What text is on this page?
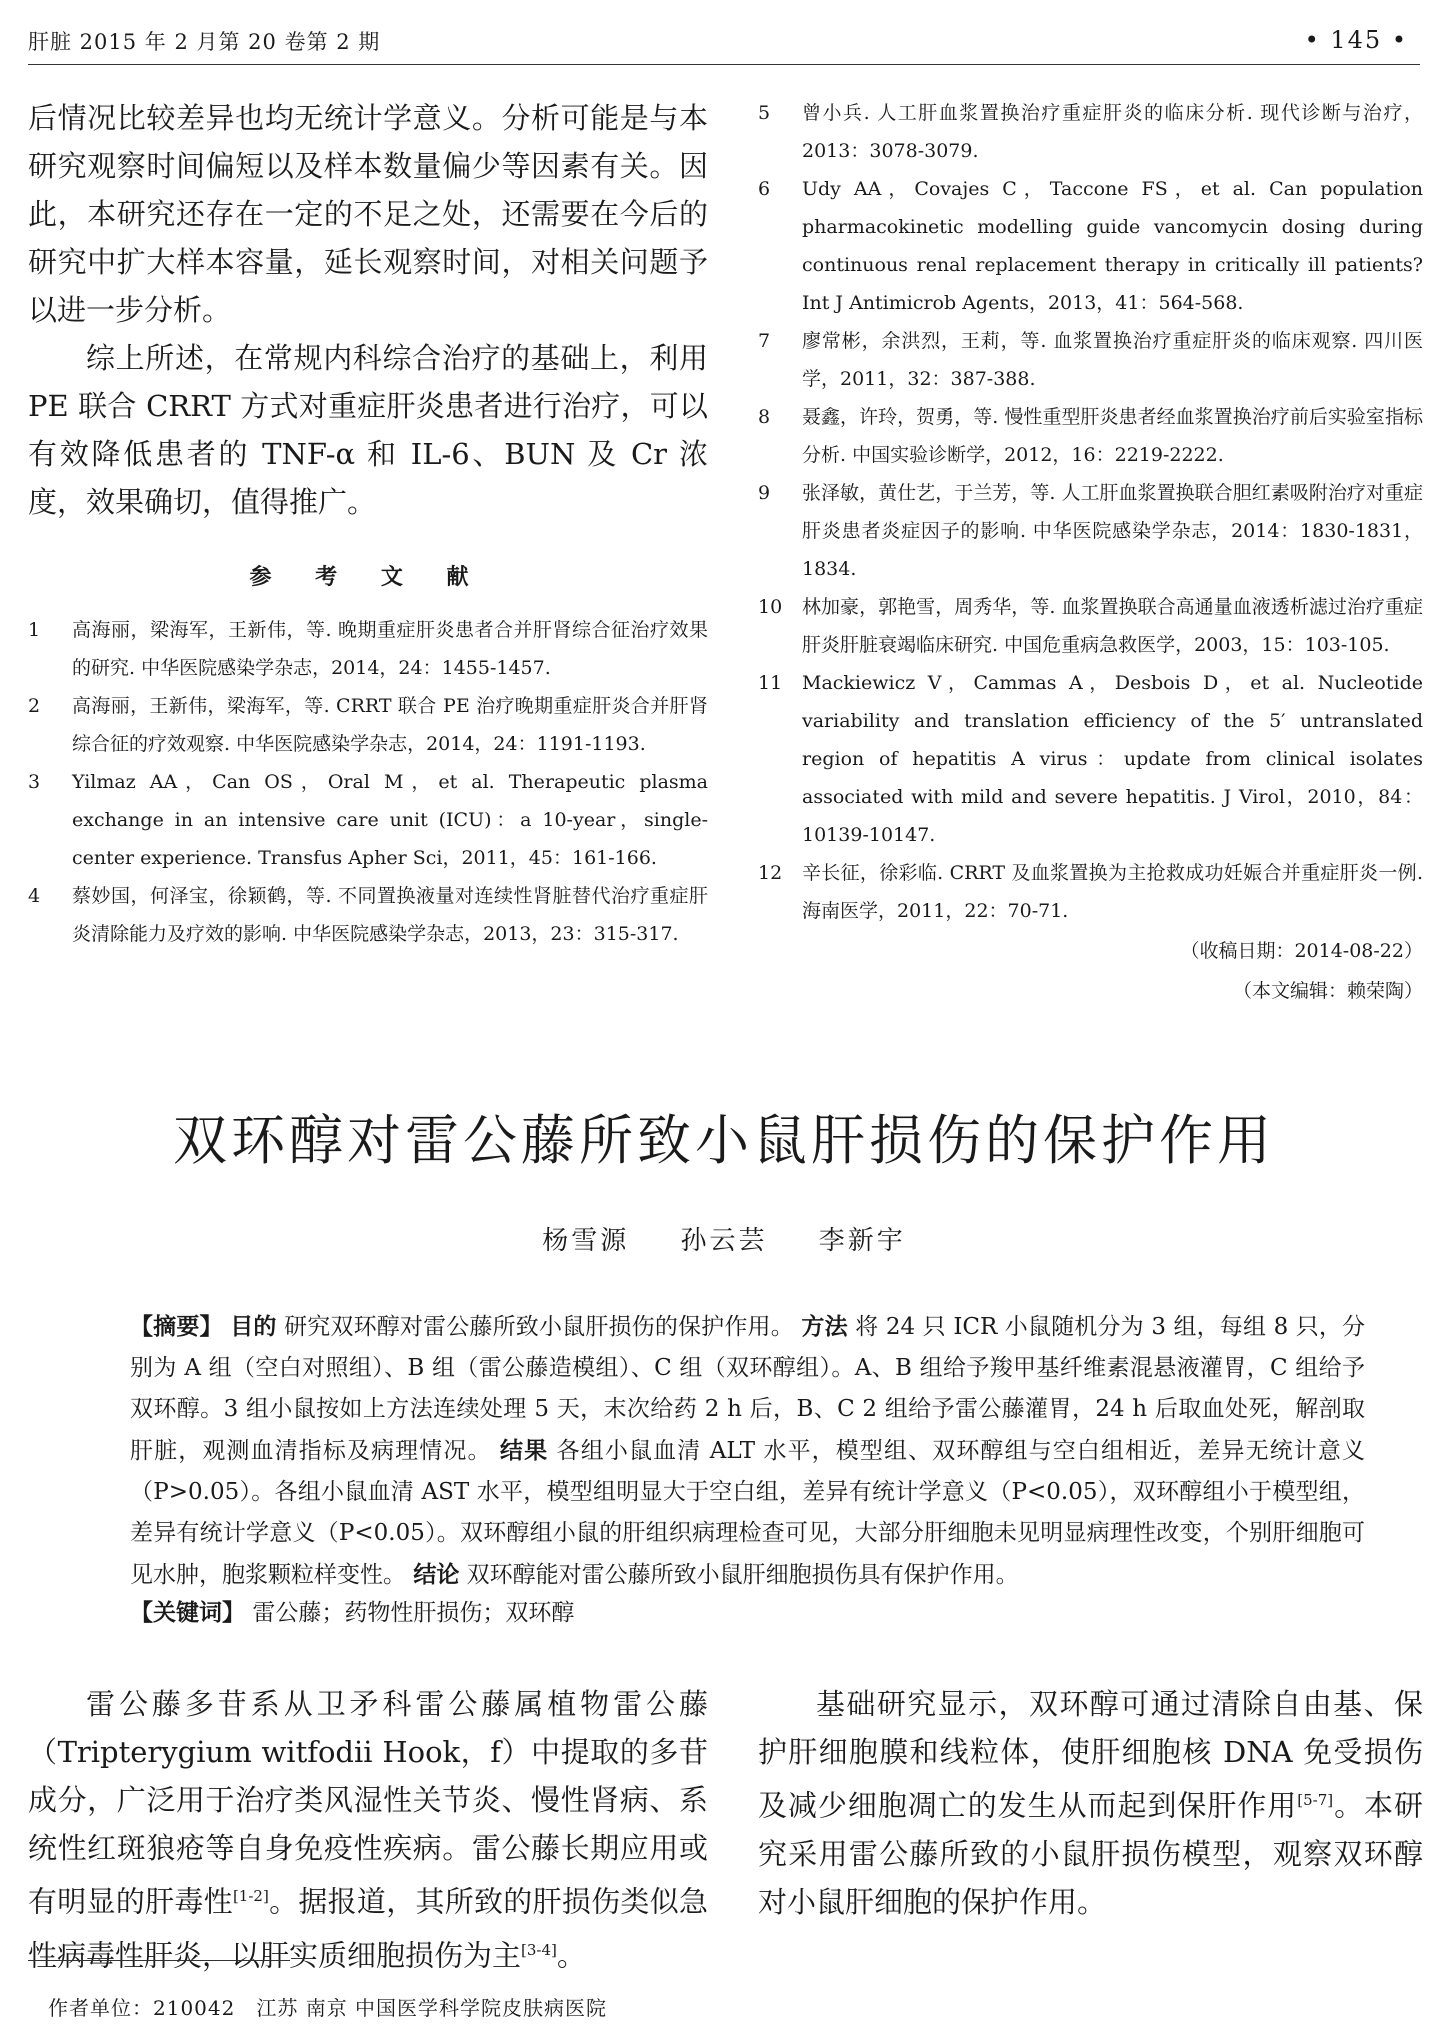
肝脏 2015 年 2 月第 20 卷第 2 期	• 145 •

后情况比较差异也均无统计学意义。分析可能是与本研究观察时间偏短以及样本数量偏少等因素有关。因此，本研究还存在一定的不足之处，还需要在今后的研究中扩大样本容量，延长观察时间，对相关问题予以进一步分析。

综上所述，在常规内科综合治疗的基础上，利用PE 联合 CRRT 方式对重症肝炎患者进行治疗，可以有效降低患者的 TNF-α 和 IL-6、BUN 及 Cr 浓度，效果确切，值得推广。

参 考 文 献
1	高海丽，梁海军，王新伟，等. 晚期重症肝炎患者合并肝肾综合征治疗效果的研究. 中华医院感染学杂志，2014，24：1455-1457.
2	高海丽，王新伟，梁海军，等. CRRT 联合 PE 治疗晚期重症肝炎合并肝肾综合征的疗效观察. 中华医院感染学杂志，2014，24：1191-1193.
3	Yilmaz AA，Can OS，Oral M，et al. Therapeutic plasma exchange in an intensive care unit (ICU)：a 10-year，single-center experience. Transfus Apher Sci，2011，45：161-166.
4	蔡妙国，何泽宝，徐颖鹤，等. 不同置换液量对连续性肾脏替代治疗重症肝炎清除能力及疗效的影响. 中华医院感染学杂志，2013，23：315-317.
5	曾小兵. 人工肝血浆置换治疗重症肝炎的临床分析. 现代诊断与治疗，2013：3078-3079.
6	Udy AA，Covajes C，Taccone FS，et al. Can population pharmacokinetic modelling guide vancomycin dosing during continuous renal replacement therapy in critically ill patients? Int J Antimicrob Agents，2013，41：564-568.
7	廖常彬，余洪烈，王莉，等. 血浆置换治疗重症肝炎的临床观察. 四川医学，2011，32：387-388.
8	聂鑫，许玲，贺勇，等. 慢性重型肝炎患者经血浆置换治疗前后实验室指标分析. 中国实验诊断学，2012，16：2219-2222.
9	张泽敏，黄仕艺，于兰芳，等. 人工肝血浆置换联合胆红素吸附治疗对重症肝炎患者炎症因子的影响. 中华医院感染学杂志，2014：1830-1831，1834.
10	林加豪，郭艳雪，周秀华，等. 血浆置换联合高通量血液透析滤过治疗重症肝炎肝脏衰竭临床研究. 中国危重病急救医学，2003，15：103-105.
11	Mackiewicz V，Cammas A，Desbois D，et al. Nucleotide variability and translation efficiency of the 5′ untranslated region of hepatitis A virus：update from clinical isolates associated with mild and severe hepatitis. J Virol，2010，84：10139-10147.
12	辛长征，徐彩临. CRRT 及血浆置换为主抢救成功妊娠合并重症肝炎一例. 海南医学，2011，22：70-71.
（收稿日期：2014-08-22）
（本文编辑：赖荣陶）
双环醇对雷公藤所致小鼠肝损伤的保护作用
杨雪源 孙云芸 李新宇
【摘要】 目的 研究双环醇对雷公藤所致小鼠肝损伤的保护作用。 方法 将 24 只 ICR 小鼠随机分为 3 组，每组 8 只，分别为 A 组（空白对照组）、B 组（雷公藤造模组）、C 组（双环醇组）。A、B 组给予羧甲基纤维素混悬液灌胃，C 组给予双环醇。3 组小鼠按如上方法连续处理 5 天，末次给药 2 h 后，B、C 2 组给予雷公藤灌胃，24 h 后取血处死，解剖取肝脏，观测血清指标及病理情况。 结果 各组小鼠血清 ALT 水平，模型组、双环醇组与空白组相近，差异无统计意义（P>0.05）。各组小鼠血清 AST 水平，模型组明显大于空白组，差异有统计学意义（P<0.05），双环醇组小于模型组，差异有统计学意义（P<0.05）。双环醇组小鼠的肝组织病理检查可见，大部分肝细胞未见明显病理性改变，个别肝细胞可见水肿，胞浆颗粒样变性。 结论 双环醇能对雷公藤所致小鼠肝细胞损伤具有保护作用。
【关键词】 雷公藤；药物性肝损伤；双环醇

雷公藤多苷系从卫矛科雷公藤属植物雷公藤（Tripterygium witfodii Hook，f）中提取的多苷成分，广泛用于治疗类风湿性关节炎、慢性肾病、系统性红斑狼疮等自身免疫性疾病。雷公藤长期应用或有明显的肝毒性[1-2]。据报道，其所致的肝损伤类似急性病毒性肝炎，以肝实质细胞损伤为主[3-4]。

基础研究显示，双环醇可通过清除自由基、保护肝细胞膜和线粒体，使肝细胞核 DNA 免受损伤及减少细胞凋亡的发生从而起到保肝作用[5-7]。本研究采用雷公藤所致的小鼠肝损伤模型，观察双环醇对小鼠肝细胞的保护作用。

作者单位：210042　江苏 南京 中国医学科学院皮肤病医院
